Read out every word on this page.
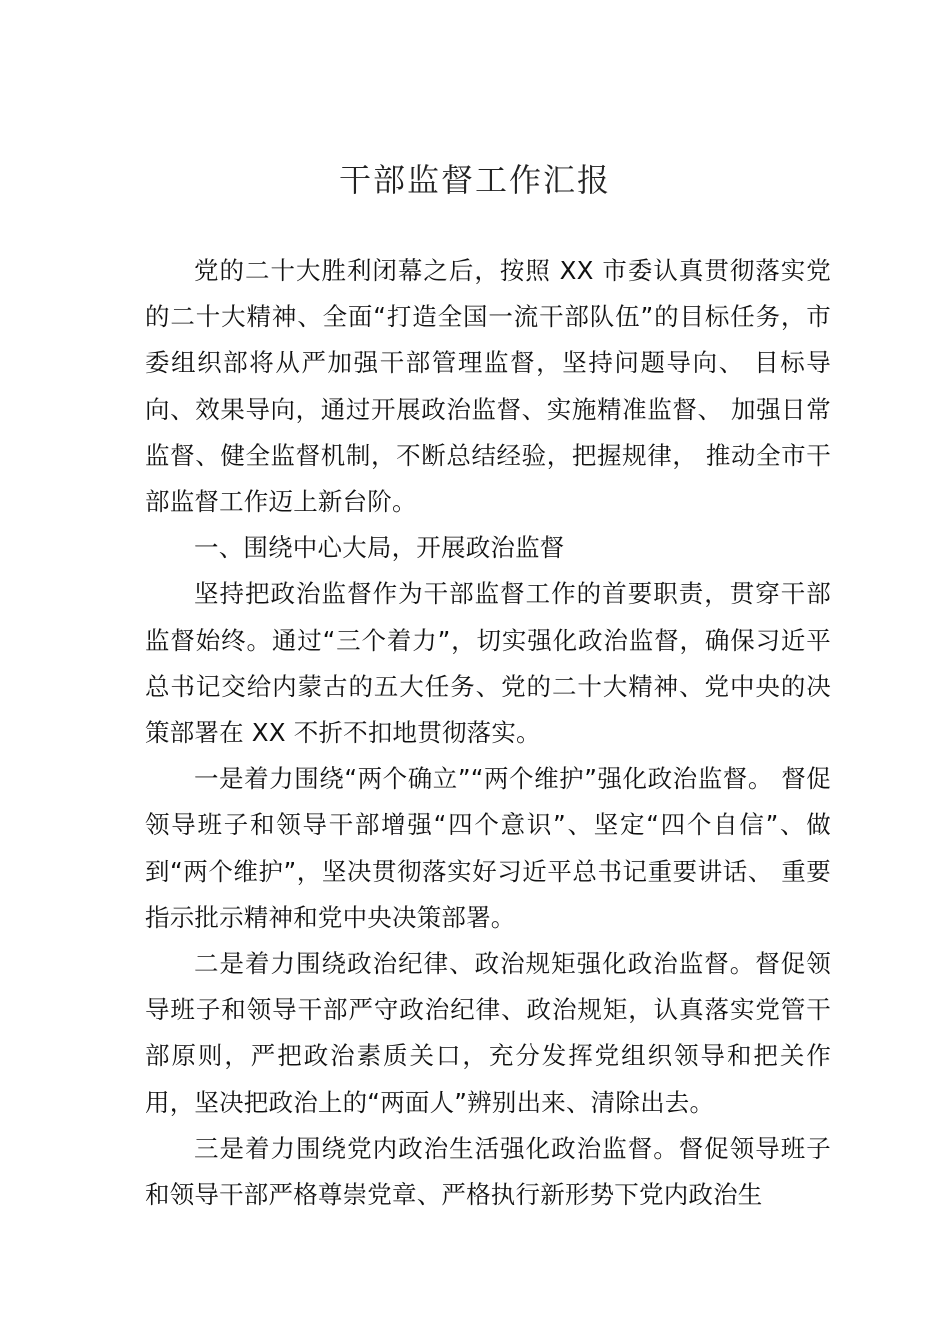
干部监督工作汇报

党的二十大胜利闭幕之后，按照 XX 市委认真贯彻落实党的二十大精神、全面“打造全国一流干部队伍”的目标任务，市委组织部将从严加强干部管理监督，坚持问题导向、 目标导向、效果导向，通过开展政治监督、实施精准监督、 加强日常监督、健全监督机制，不断总结经验，把握规律， 推动全市干部监督工作迈上新台阶。

一、围绕中心大局，开展政治监督

坚持把政治监督作为干部监督工作的首要职责，贯穿干部监督始终。通过“三个着力”，切实强化政治监督，确保习近平总书记交给内蒙古的五大任务、党的二十大精神、党中央的决策部署在 XX 不折不扣地贯彻落实。

一是着力围绕“两个确立”“两个维护”强化政治监督。 督促领导班子和领导干部增强“四个意识”、坚定“四个自信”、做到“两个维护”，坚决贯彻落实好习近平总书记重要讲话、 重要指示批示精神和党中央决策部署。

二是着力围绕政治纪律、政治规矩强化政治监督。督促领导班子和领导干部严守政治纪律、政治规矩，认真落实党管干部原则，严把政治素质关口，充分发挥党组织领导和把关作用，坚决把政治上的“两面人”辨别出来、清除出去。

三是着力围绕党内政治生活强化政治监督。督促领导班子和领导干部严格尊崇党章、严格执行新形势下党内政治生
